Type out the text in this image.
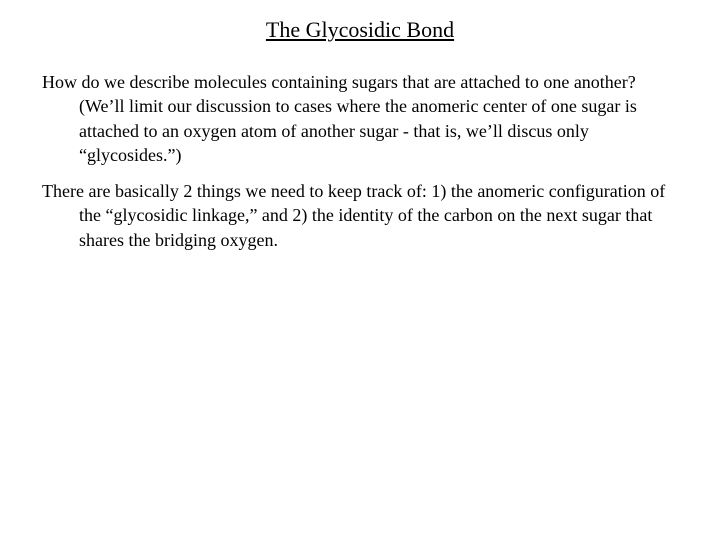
The Glycosidic Bond

How do we describe molecules containing sugars that are attached to one another? (We’ll limit our discussion to cases where the anomeric center of one sugar is attached to an oxygen atom of another sugar - that is, we’ll discus only “glycosides.”)

There are basically 2 things we need to keep track of: 1) the anomeric configuration of the “glycosidic linkage,” and 2) the identity of the carbon on the next sugar that shares the bridging oxygen.
